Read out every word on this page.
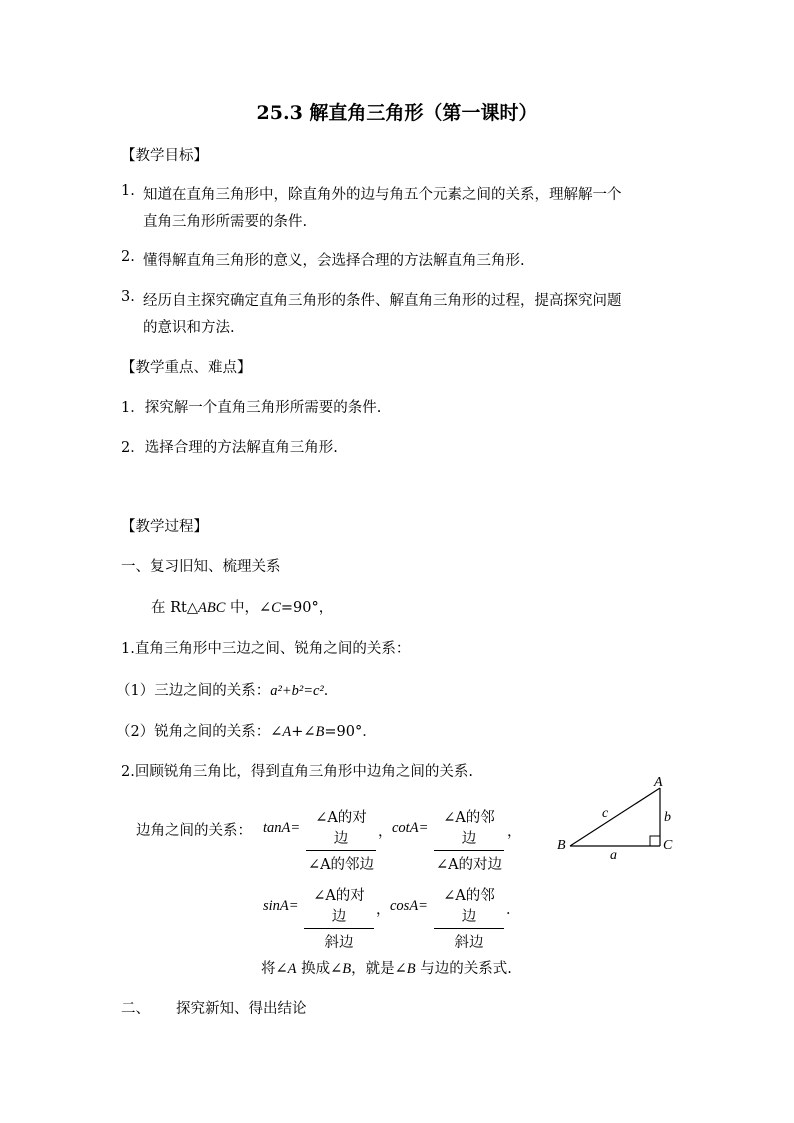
25.3 解直角三角形（第一课时）
【教学目标】
1. 知道在直角三角形中，除直角外的边与角五个元素之间的关系，理解解一个
直角三角形所需要的条件.
2. 懂得解直角三角形的意义，会选择合理的方法解直角三角形.
3. 经历自主探究确定直角三角形的条件、解直角三角形的过程，提高探究问题
的意识和方法.
【教学重点、难点】
1．探究解一个直角三角形所需要的条件.
2．选择合理的方法解直角三角形.
【教学过程】
一、复习旧知、梳理关系
在 Rt△ABC 中，∠C=90°，
1.直角三角形中三边之间、锐角之间的关系：
（1）三边之间的关系：a²+b²=c²．
（2）锐角之间的关系：∠A+∠B=90°．
2.回顾锐角三角比，得到直角三角形中边角之间的关系.
边角之间的关系： tanA=
∠A的对边
∠A的邻边
， cotA=
∠A的邻边
∠A的对边
，
A
B	C
a
b
c
sinA=
∠A的对边
斜边
， cosA=
∠A的邻边
斜边
．
将∠A 换成∠B，就是∠B 与边的关系式.
二、 探究新知、得出结论
